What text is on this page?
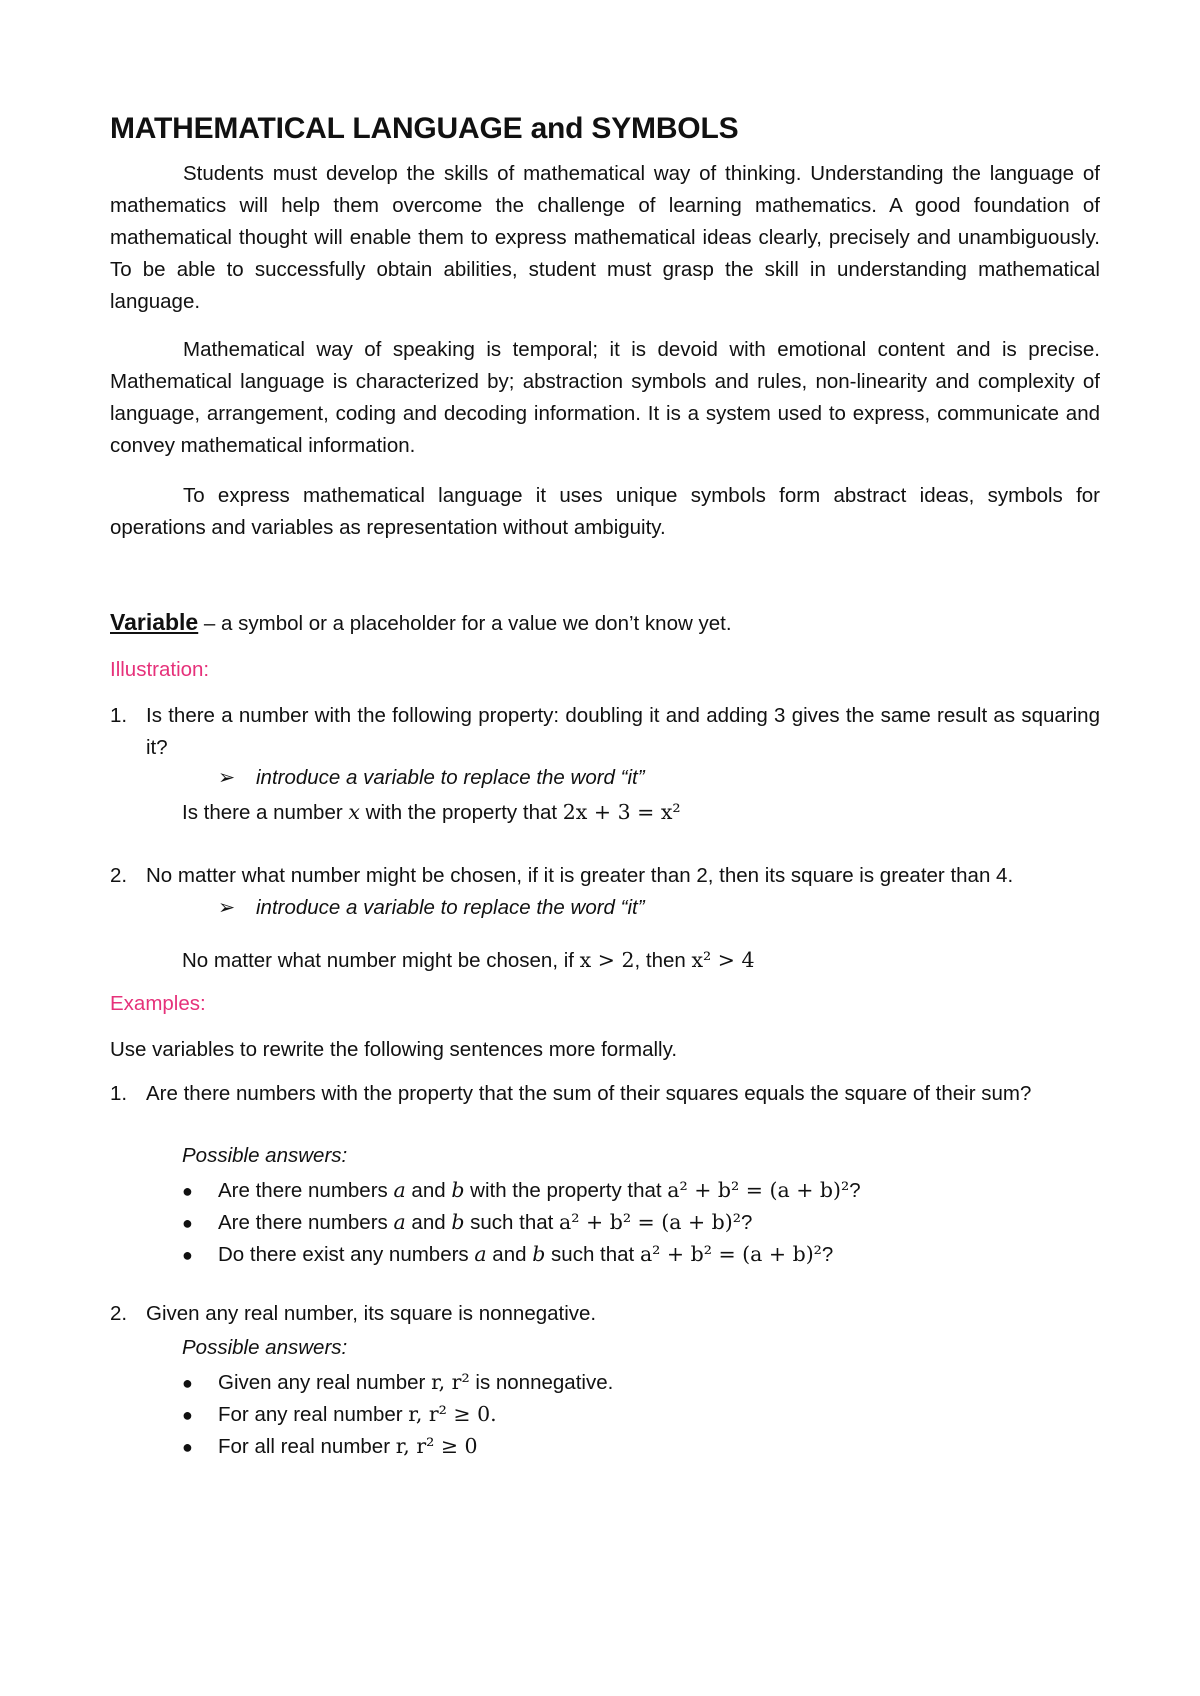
MATHEMATICAL LANGUAGE and SYMBOLS

Students must develop the skills of mathematical way of thinking. Understanding the language of mathematics will help them overcome the challenge of learning mathematics. A good foundation of mathematical thought will enable them to express mathematical ideas clearly, precisely and unambiguously. To be able to successfully obtain abilities, student must grasp the skill in understanding mathematical language.

Mathematical way of speaking is temporal; it is devoid with emotional content and is precise. Mathematical language is characterized by; abstraction symbols and rules, non-linearity and complexity of language, arrangement, coding and decoding information. It is a system used to express, communicate and convey mathematical information.

To express mathematical language it uses unique symbols form abstract ideas, symbols for operations and variables as representation without ambiguity.

Variable – a symbol or a placeholder for a value we don’t know yet.
Illustration:
1. Is there a number with the following property: doubling it and adding 3 gives the same result as squaring it?

➢ introduce a variable to replace the word “it”
Is there a number x with the property that 2x + 3 = x²
2. No matter what number might be chosen, if it is greater than 2, then its square is greater than 4.
➢ introduce a variable to replace the word “it”
No matter what number might be chosen, if x > 2, then x² > 4
Examples:
Use variables to rewrite the following sentences more formally.
1. Are there numbers with the property that the sum of their squares equals the square of their sum?

Possible answers:
● Are there numbers a and b with the property that a² + b² = (a + b)²?
● Are there numbers a and b such that a² + b² = (a + b)²?
● Do there exist any numbers a and b such that a² + b² = (a + b)²?
2. Given any real number, its square is nonnegative.
Possible answers:
● Given any real number r, r² is nonnegative.
● For any real number r, r² ≥ 0.
● For all real number r, r² ≥ 0
